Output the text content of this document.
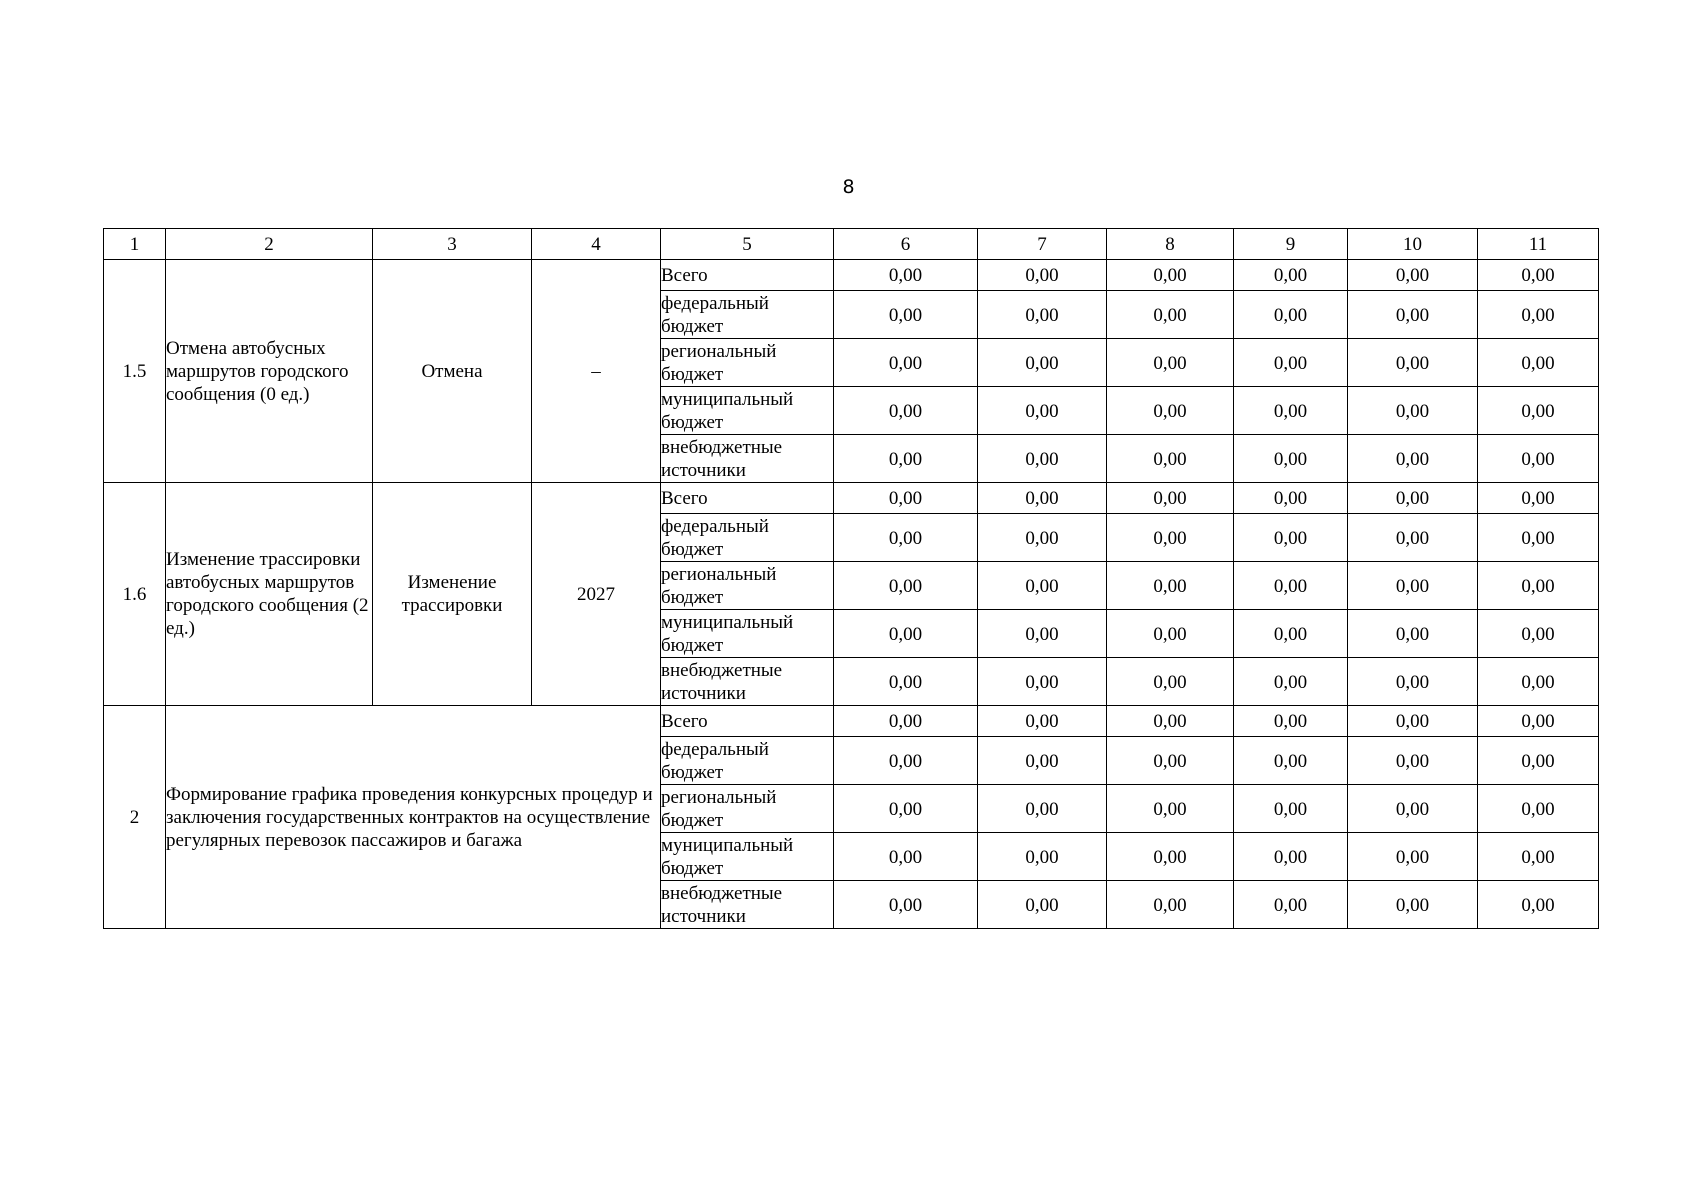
8
1	2	3	4	5	6	7	8	9	10	11
1.5	Отмена автобусных маршрутов городского сообщения (0 ед.)	Отмена	–	Всего	0,00	0,00	0,00	0,00	0,00	0,00
				федеральный бюджет	0,00	0,00	0,00	0,00	0,00	0,00
				региональный бюджет	0,00	0,00	0,00	0,00	0,00	0,00
				муниципальный бюджет	0,00	0,00	0,00	0,00	0,00	0,00
				внебюджетные источники	0,00	0,00	0,00	0,00	0,00	0,00
1.6	Изменение трассировки автобусных маршрутов городского сообщения (2 ед.)	Изменение трассировки	2027	Всего	0,00	0,00	0,00	0,00	0,00	0,00
				федеральный бюджет	0,00	0,00	0,00	0,00	0,00	0,00
				региональный бюджет	0,00	0,00	0,00	0,00	0,00	0,00
				муниципальный бюджет	0,00	0,00	0,00	0,00	0,00	0,00
				внебюджетные источники	0,00	0,00	0,00	0,00	0,00	0,00
2	Формирование графика проведения конкурсных процедур и заключения государственных контрактов на осуществление регулярных перевозок пассажиров и багажа			Всего	0,00	0,00	0,00	0,00	0,00	0,00
				федеральный бюджет	0,00	0,00	0,00	0,00	0,00	0,00
				региональный бюджет	0,00	0,00	0,00	0,00	0,00	0,00
				муниципальный бюджет	0,00	0,00	0,00	0,00	0,00	0,00
				внебюджетные источники	0,00	0,00	0,00	0,00	0,00	0,00
